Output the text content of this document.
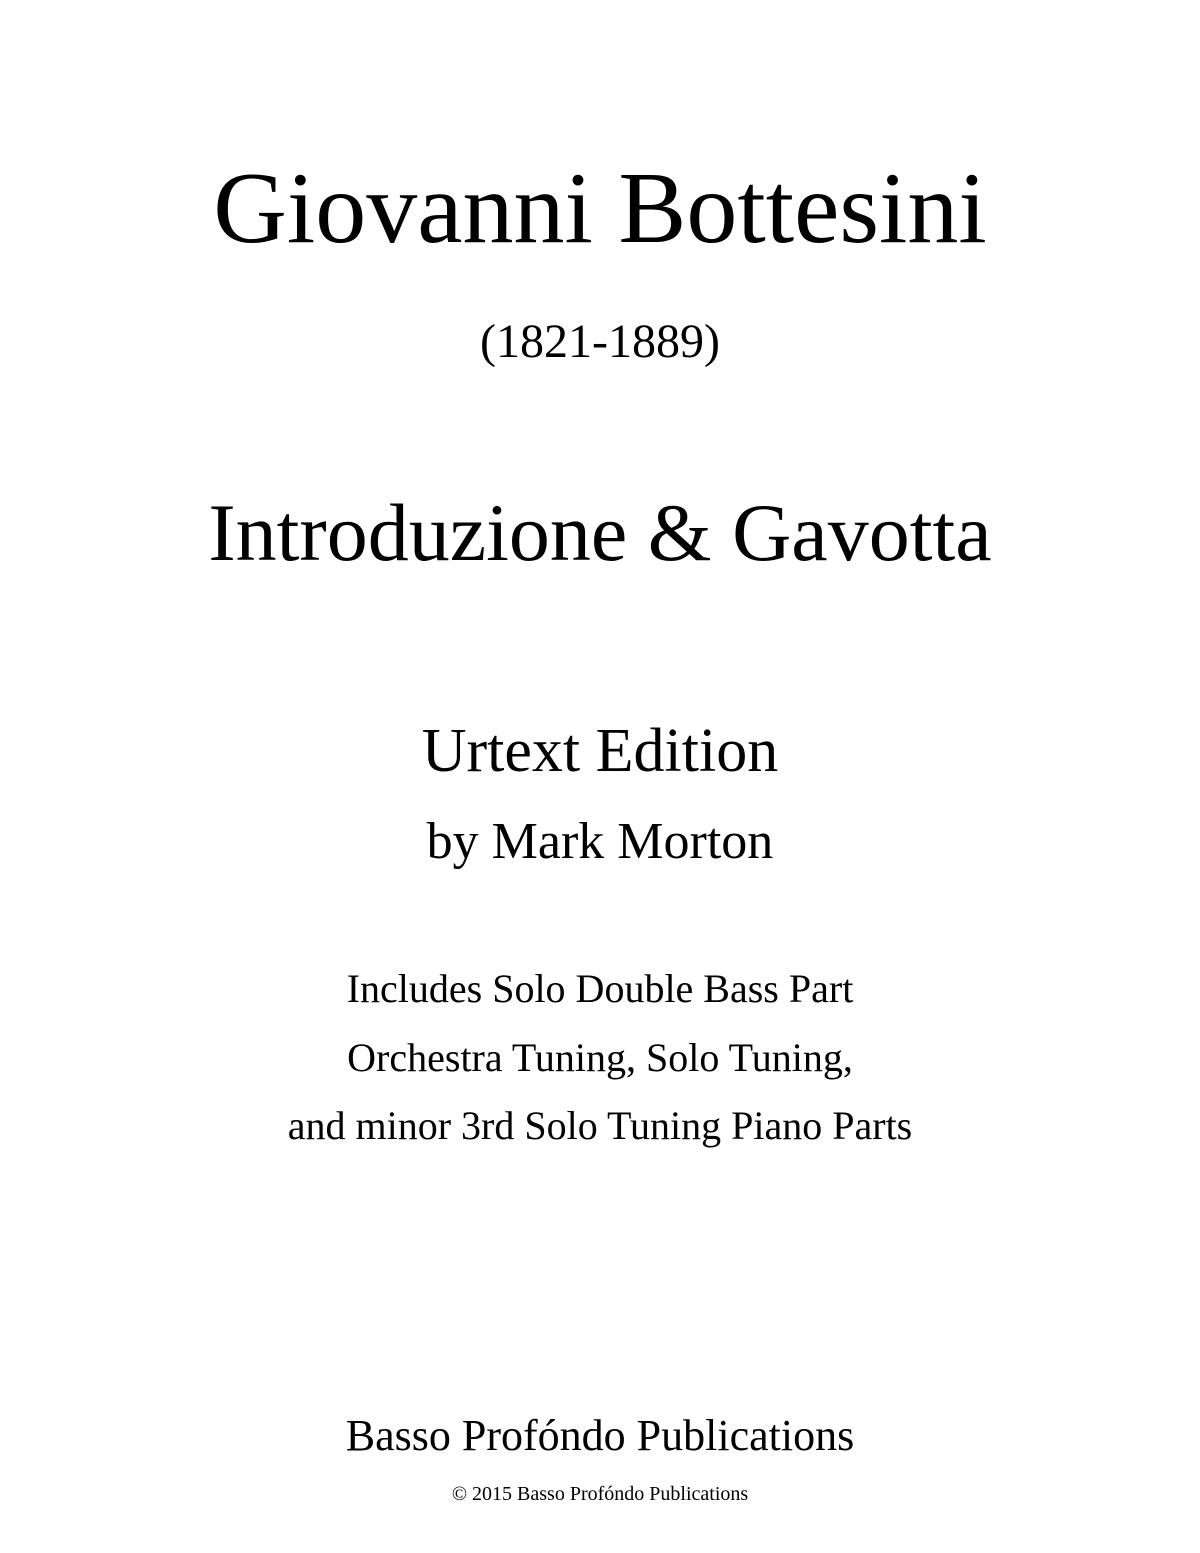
Giovanni Bottesini
(1821-1889)
Introduzione & Gavotta
Urtext Edition
by Mark Morton
Includes Solo Double Bass Part
Orchestra Tuning, Solo Tuning,
and minor 3rd Solo Tuning Piano Parts
Basso Profóndo Publications
© 2015 Basso Profóndo Publications
